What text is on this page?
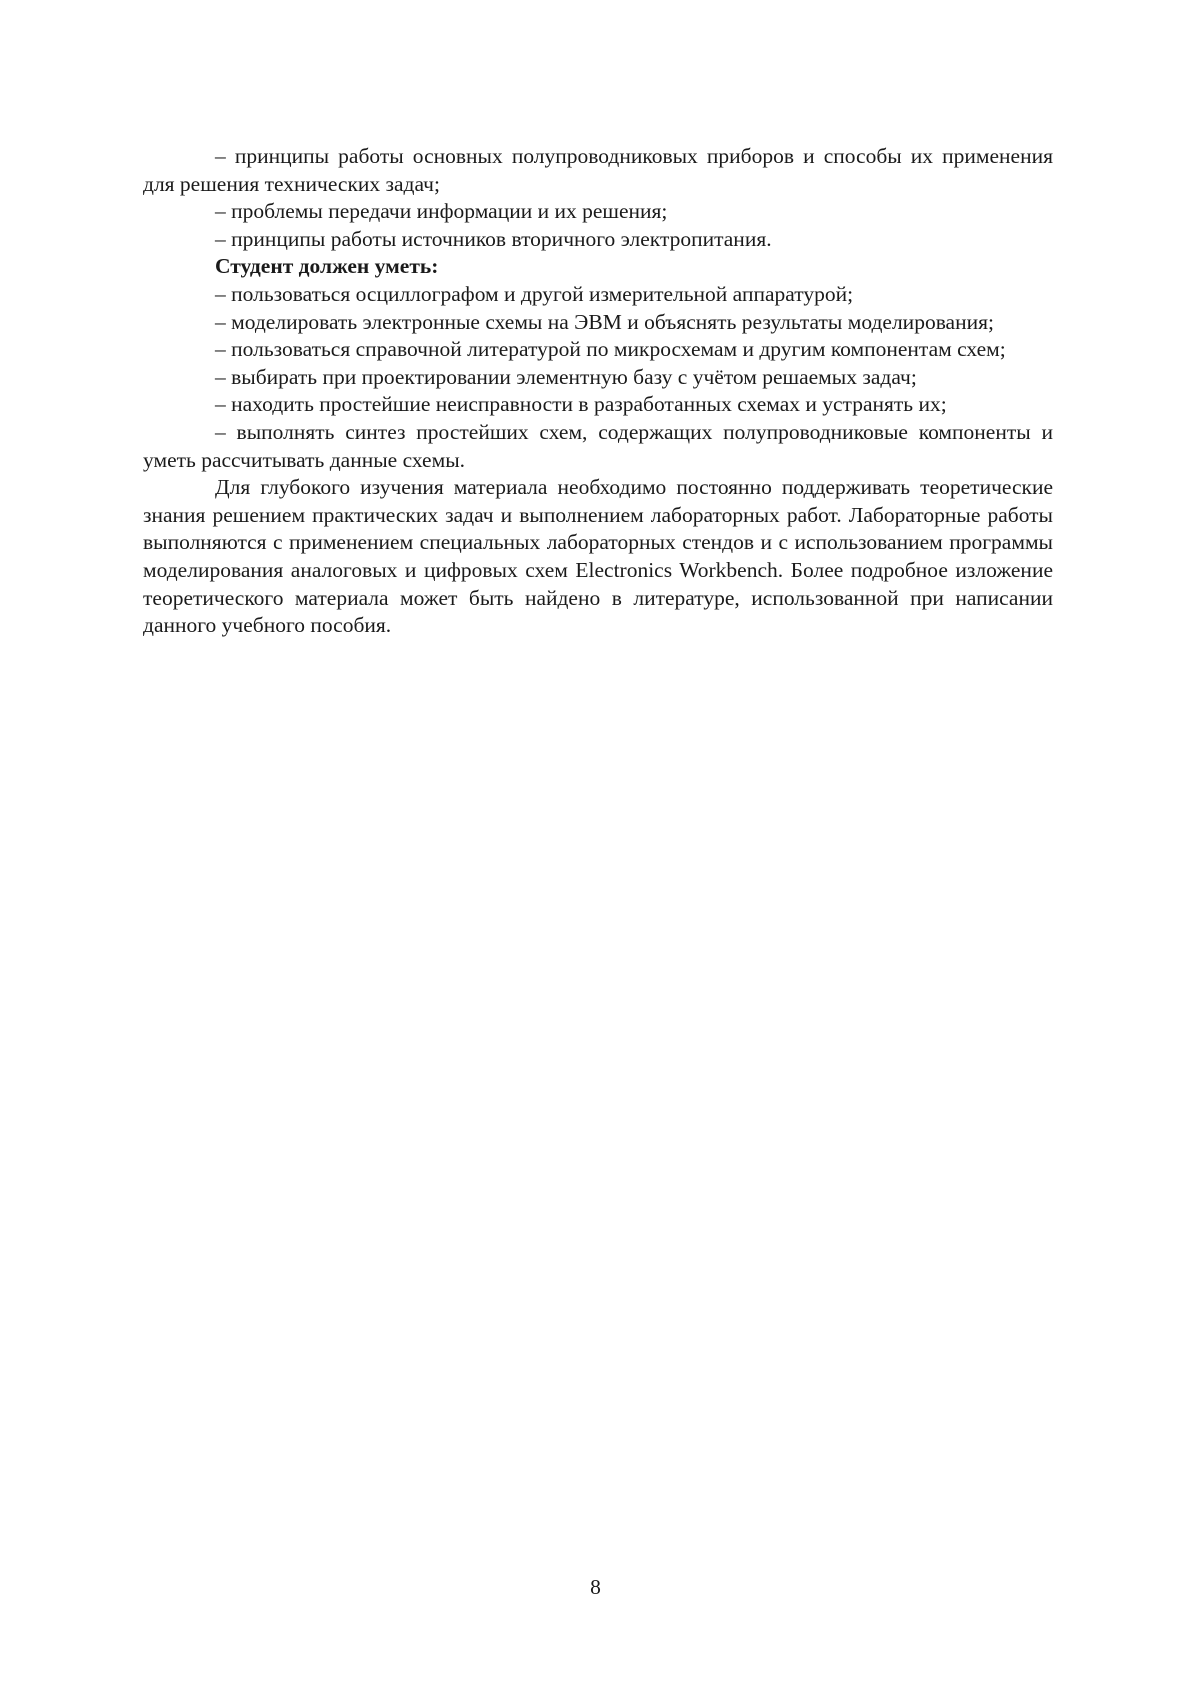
– принципы работы основных полупроводниковых приборов и способы их применения для решения технических задач;

– проблемы передачи информации и их решения;

– принципы работы источников вторичного электропитания.

Студент должен уметь:

– пользоваться осциллографом и другой измерительной аппаратурой;

– моделировать электронные схемы на ЭВМ и объяснять результаты моделирования;

– пользоваться справочной литературой по микросхемам и другим компонентам схем;

– выбирать при проектировании элементную базу с учётом решаемых задач;

– находить простейшие неисправности в разработанных схемах и устранять их;

– выполнять синтез простейших схем, содержащих полупроводниковые компоненты и уметь рассчитывать данные схемы.

Для глубокого изучения материала необходимо постоянно поддерживать теоретические знания решением практических задач и выполнением лабораторных работ. Лабораторные работы выполняются с применением специальных лабораторных стендов и с использованием программы моделирования аналоговых и цифровых схем Electronics Workbench. Более подробное изложение теоретического материала может быть найдено в литературе, использованной при написании данного учебного пособия.

8
